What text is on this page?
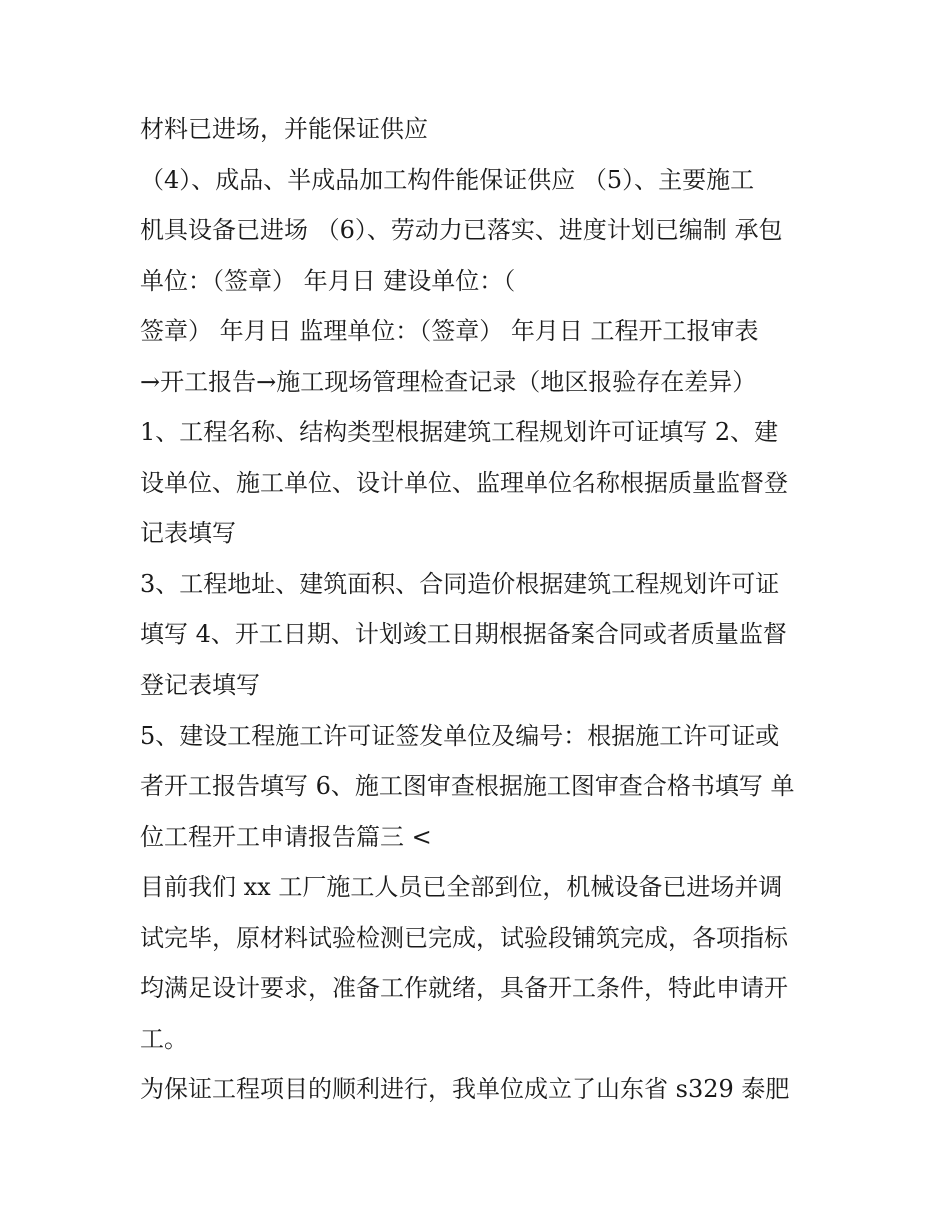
材料已进场，并能保证供应
（4）、成品、半成品加工构件能保证供应 （5）、主要施工
机具设备已进场 （6）、劳动力已落实、进度计划已编制 承包
单位：（签章） 年月日 建设单位：（
签章） 年月日 监理单位：（签章） 年月日 工程开工报审表
→开工报告→施工现场管理检查记录（地区报验存在差异）
1、工程名称、结构类型根据建筑工程规划许可证填写 2、建
设单位、施工单位、设计单位、监理单位名称根据质量监督登
记表填写
3、工程地址、建筑面积、合同造价根据建筑工程规划许可证
填写 4、开工日期、计划竣工日期根据备案合同或者质量监督
登记表填写
5、建设工程施工许可证签发单位及编号：根据施工许可证或
者开工报告填写 6、施工图审查根据施工图审查合格书填写 单
位工程开工申请报告篇三 <
目前我们 xx 工厂施工人员已全部到位，机械设备已进场并调
试完毕，原材料试验检测已完成，试验段铺筑完成，各项指标
均满足设计要求，准备工作就绪，具备开工条件，特此申请开
工。
为保证工程项目的顺利进行，我单位成立了山东省 s329 泰肥
